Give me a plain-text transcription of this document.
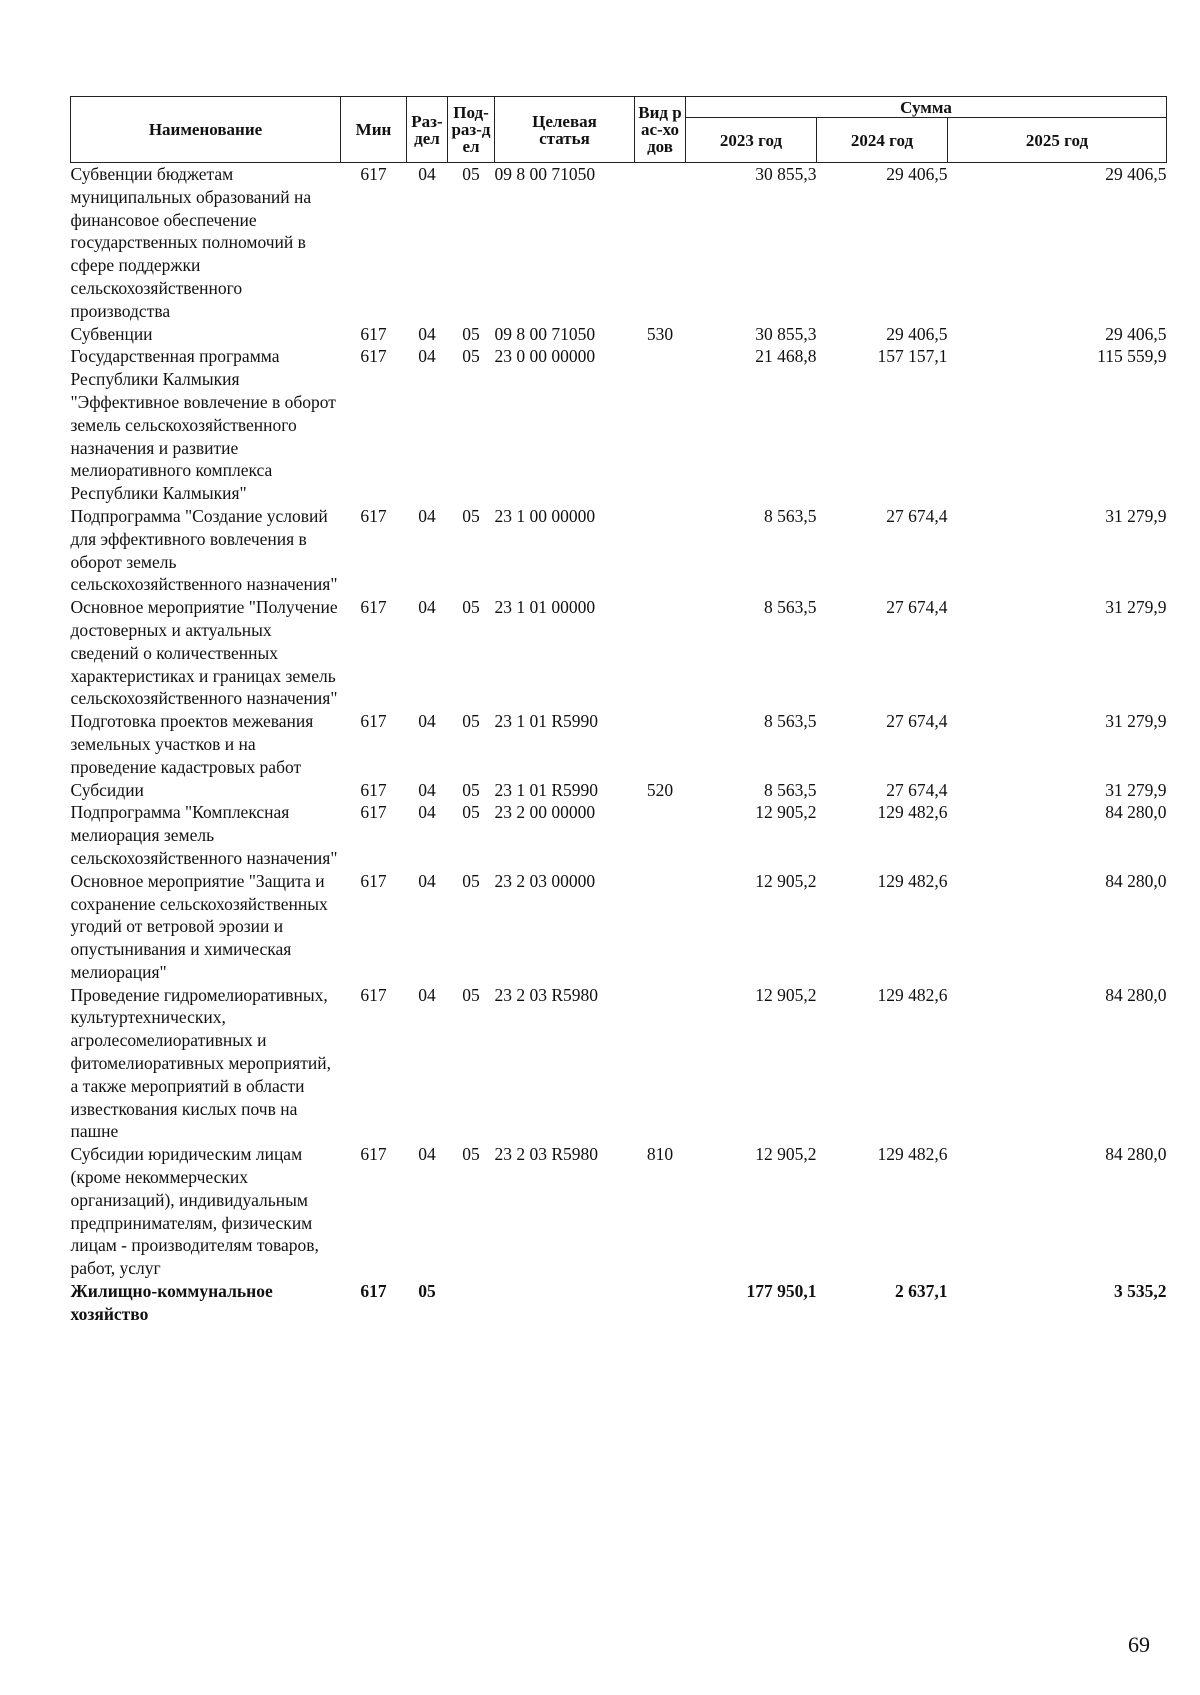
Наименование	Мин	Раз-дел	Под-раз-дел	Целевая статья	Вид рас-ходов	Сумма		
						2023 год	2024 год	2025 год
Субвенции бюджетам муниципальных образований на финансовое обеспечение государственных полномочий в сфере поддержки сельскохозяйственного производства	617	04	05	09 8 00 71050		30 855,3	29 406,5	29 406,5
Субвенции	617	04	05	09 8 00 71050	530	30 855,3	29 406,5	29 406,5
Государственная программа Республики Калмыкия "Эффективное вовлечение в оборот земель сельскохозяйственного назначения и развитие мелиоративного комплекса Республики Калмыкия"	617	04	05	23 0 00 00000		21 468,8	157 157,1	115 559,9
Подпрограмма "Создание условий для эффективного вовлечения в оборот земель сельскохозяйственного назначения"	617	04	05	23 1 00 00000		8 563,5	27 674,4	31 279,9
Основное мероприятие "Получение достоверных и актуальных сведений о количественных характеристиках и границах земель сельскохозяйственного назначения"	617	04	05	23 1 01 00000		8 563,5	27 674,4	31 279,9
Подготовка проектов межевания земельных участков и на проведение кадастровых работ	617	04	05	23 1 01 R5990		8 563,5	27 674,4	31 279,9
Субсидии	617	04	05	23 1 01 R5990	520	8 563,5	27 674,4	31 279,9
Подпрограмма "Комплексная мелиорация земель сельскохозяйственного назначения"	617	04	05	23 2 00 00000		12 905,2	129 482,6	84 280,0
Основное мероприятие "Защита и сохранение сельскохозяйственных угодий от ветровой эрозии и опустынивания и химическая мелиорация"	617	04	05	23 2 03 00000		12 905,2	129 482,6	84 280,0
Проведение гидромелиоративных, культуртехнических, агролесомелиоративных и фитомелиоративных мероприятий, а также мероприятий в области известкования кислых почв на пашне	617	04	05	23 2 03 R5980		12 905,2	129 482,6	84 280,0
Субсидии юридическим лицам (кроме некоммерческих организаций), индивидуальным предпринимателям, физическим лицам - производителям товаров, работ, услуг	617	04	05	23 2 03 R5980	810	12 905,2	129 482,6	84 280,0
Жилищно-коммунальное хозяйство	617	05				177 950,1	2 637,1	3 535,2
69
